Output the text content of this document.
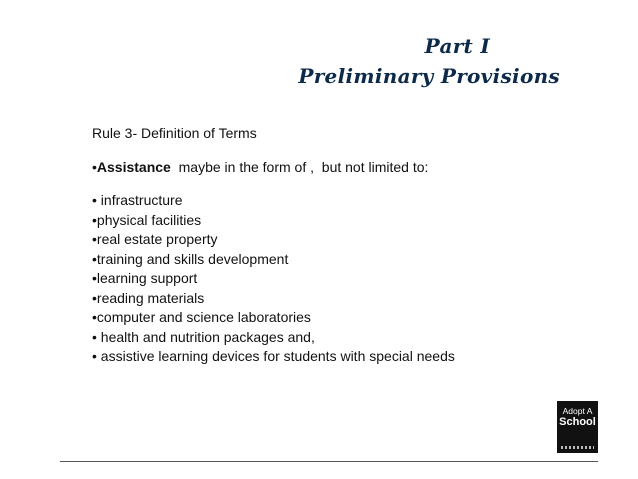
Part I
Preliminary Provisions
Rule 3- Definition of Terms
•Assistance  maybe in the form of ,  but not limited to:
• infrastructure
•physical facilities
•real estate property
•training and skills development
•learning support
•reading materials
•computer and science laboratories
• health and nutrition packages and,
• assistive learning devices for students with special needs
Adopt A
School
